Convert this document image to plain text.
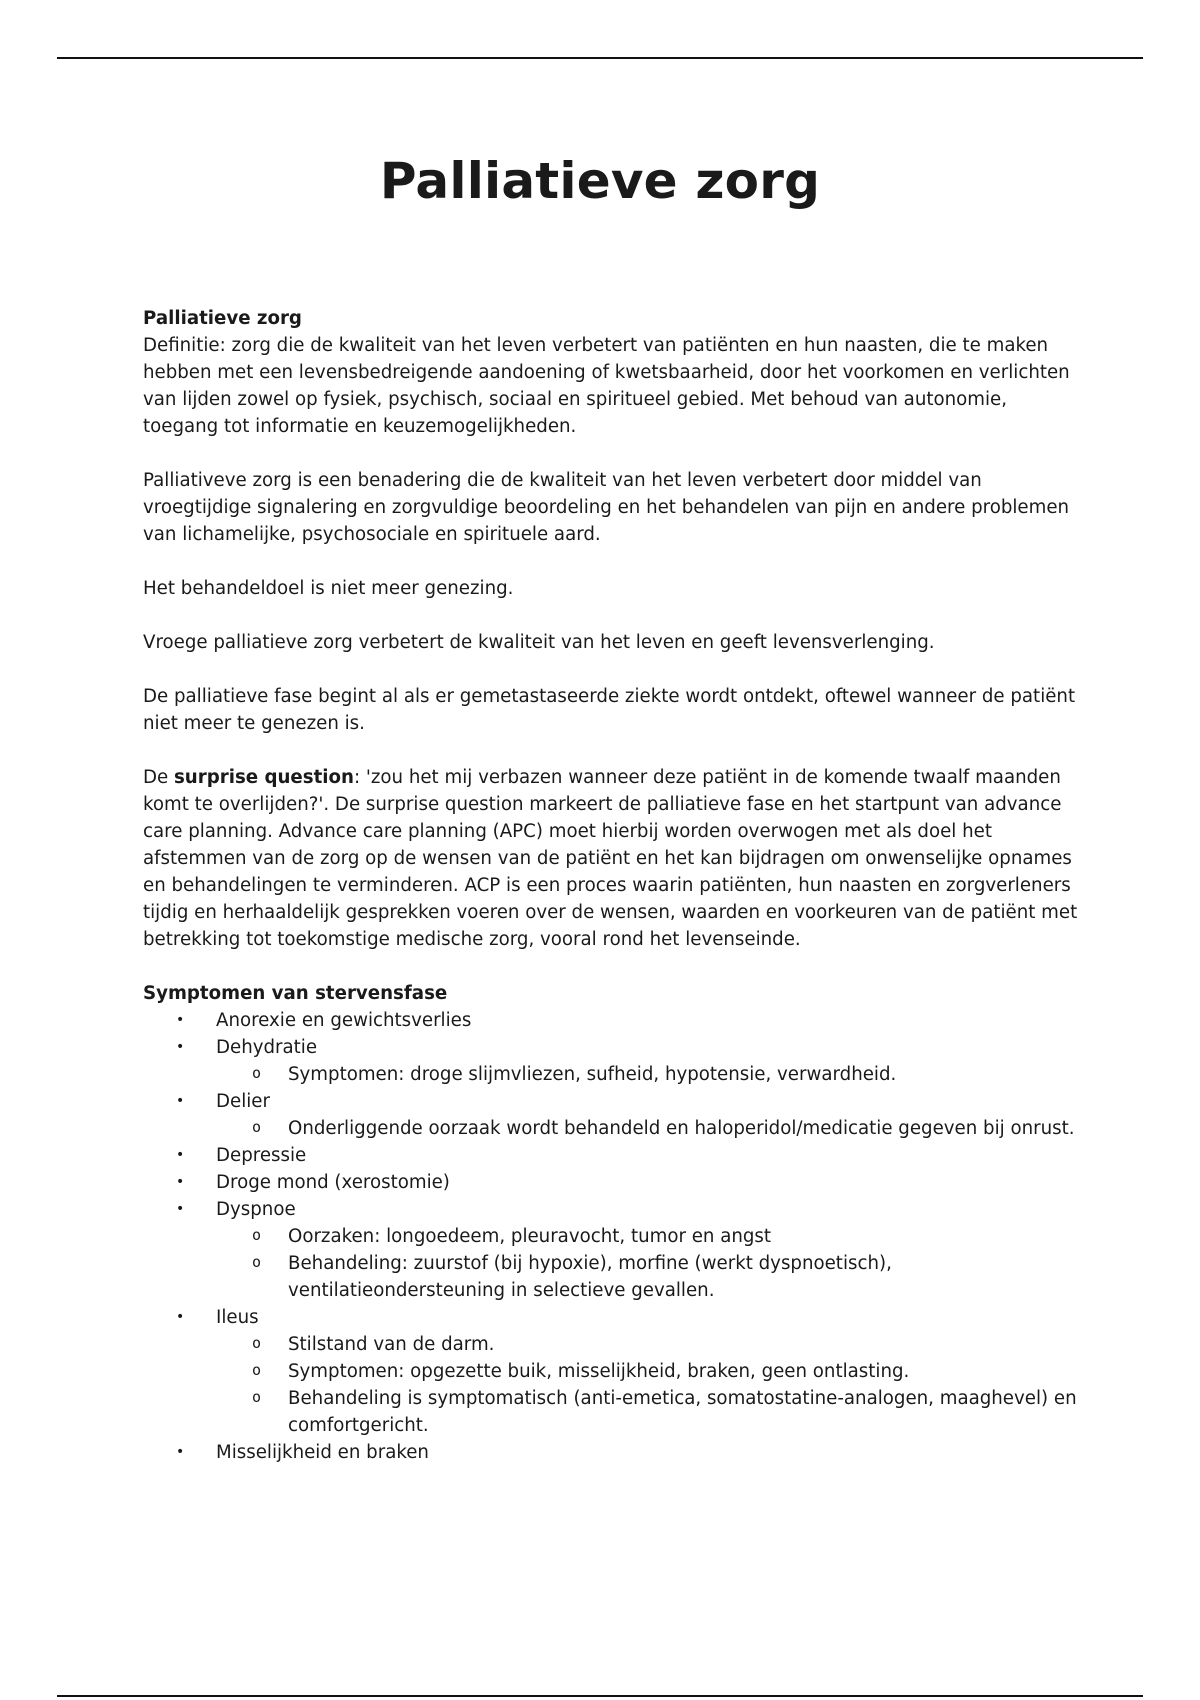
Palliatieve zorg
Palliatieve zorg

Definitie: zorg die de kwaliteit van het leven verbetert van patiënten en hun naasten, die te maken hebben met een levensbedreigende aandoening of kwetsbaarheid, door het voorkomen en verlichten van lijden zowel op fysiek, psychisch, sociaal en spiritueel gebied. Met behoud van autonomie, toegang tot informatie en keuzemogelijkheden.

Palliativeve zorg is een benadering die de kwaliteit van het leven verbetert door middel van vroegtijdige signalering en zorgvuldige beoordeling en het behandelen van pijn en andere problemen van lichamelijke, psychosociale en spirituele aard.

Het behandeldoel is niet meer genezing.

Vroege palliatieve zorg verbetert de kwaliteit van het leven en geeft levensverlenging.

De palliatieve fase begint al als er gemetastaseerde ziekte wordt ontdekt, oftewel wanneer de patiënt niet meer te genezen is.

De surprise question: 'zou het mij verbazen wanneer deze patiënt in de komende twaalf maanden komt te overlijden?'. De surprise question markeert de palliatieve fase en het startpunt van advance care planning. Advance care planning (APC) moet hierbij worden overwogen met als doel het afstemmen van de zorg op de wensen van de patiënt en het kan bijdragen om onwenselijke opnames en behandelingen te verminderen. ACP is een proces waarin patiënten, hun naasten en zorgverleners tijdig en herhaaldelijk gesprekken voeren over de wensen, waarden en voorkeuren van de patiënt met betrekking tot toekomstige medische zorg, vooral rond het levenseinde.

Symptomen van stervensfase
• Anorexie en gewichtsverlies
• Dehydratie
o Symptomen: droge slijmvliezen, sufheid, hypotensie, verwardheid.
• Delier
o Onderliggende oorzaak wordt behandeld en haloperidol/medicatie gegeven bij onrust.
• Depressie
• Droge mond (xerostomie)
• Dyspnoe
o Oorzaken: longoedeem, pleuravocht, tumor en angst
o Behandeling: zuurstof (bij hypoxie), morfine (werkt dyspnoetisch), ventilatieondersteuning in selectieve gevallen.
• Ileus
o Stilstand van de darm.
o Symptomen: opgezette buik, misselijkheid, braken, geen ontlasting.
o Behandeling is symptomatisch (anti-emetica, somatostatine-analogen, maaghevel) en comfortgericht.
• Misselijkheid en braken
